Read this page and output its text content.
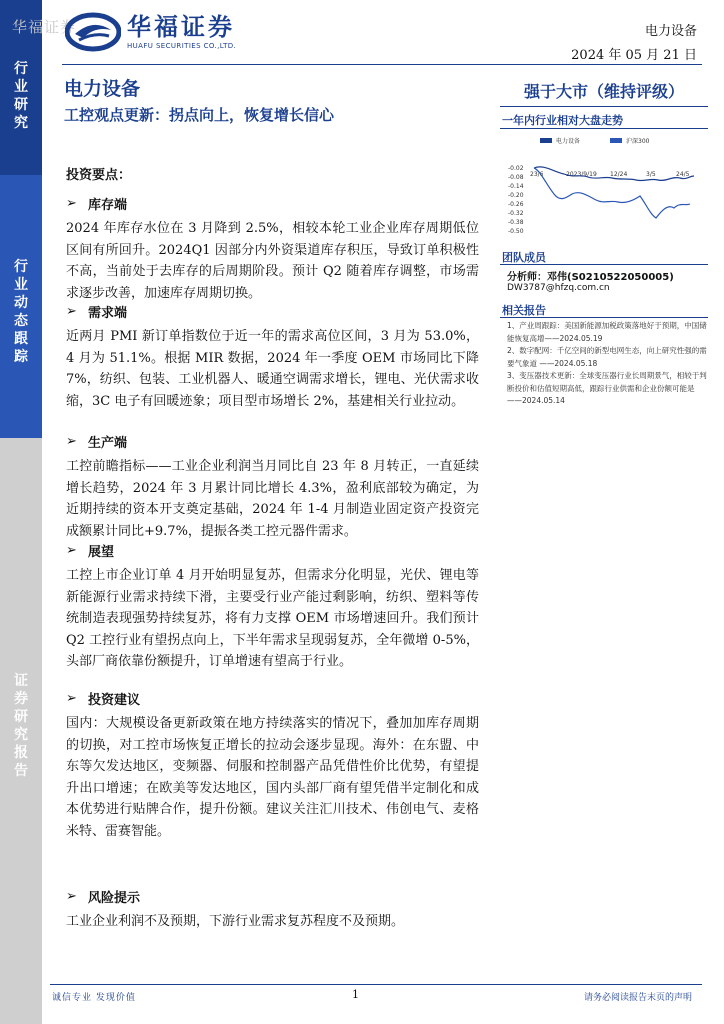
行
业
研
究
行
业
动
态
跟
踪
证
券
研
究
报
告
华福证券 华福证券
HUAFU SECURITIES CO.,LTD.
电力设备
2024 年 05 月 21 日
电力设备
工控观点更新：拐点向上，恢复增长信心
强于大市（维持评级）
一年内行业相对大盘走势
电力设备	沪深300
-0.02
-0.08
-0.14
-0.20
-0.26
-0.32
-0.38
-0.50
23/6	2023/9/19 12/24	3/5	24/5
团队成员
分析师：邓伟(S0210522050005)
DW3787@hfzq.com.cn
相关报告

1、产业周跟踪：美国新能源加税政策落地好于预期，中国储能恢复高增——2024.05.19

2、数字配网：千亿空间的新型电网生态，向上研究性强的需要气象道 ——2024.05.18

3、变压器技术更新：全球变压器行业长周期景气，相较于判断投价和估值短期高低，跟踪行业供需和企业份额可能是——2024.05.14

投资要点：
➢ 库存端
2024 年库存水位在 3 月降到 2.5%，相较本轮工业企业库存周期低位区间有所回升。2024Q1 因部分内外资渠道库存积压，导致订单积极性不高，当前处于去库存的后周期阶段。预计 Q2 随着库存调整，市场需求逐步改善，加速库存周期切换。
➢ 需求端
近两月 PMI 新订单指数位于近一年的需求高位区间，3 月为 53.0%，4 月为 51.1%。根据 MIR 数据，2024 年一季度 OEM 市场同比下降 7%，纺织、包装、工业机器人、暖通空调需求增长，锂电、光伏需求收缩，3C 电子有回暖迹象；项目型市场增长 2%，基建相关行业拉动。
➢ 生产端
工控前瞻指标——工业企业利润当月同比自 23 年 8 月转正，一直延续增长趋势，2024 年 3 月累计同比增长 4.3%，盈利底部较为确定，为近期持续的资本开支奠定基础，2024 年 1-4 月制造业固定资产投资完成额累计同比+9.7%，提振各类工控元器件需求。
➢ 展望
工控上市企业订单 4 月开始明显复苏，但需求分化明显，光伏、锂电等新能源行业需求持续下滑，主要受行业产能过剩影响，纺织、塑料等传统制造表现强势持续复苏，将有力支撑 OEM 市场增速回升。我们预计 Q2 工控行业有望拐点向上，下半年需求呈现弱复苏，全年微增 0-5%，头部厂商依靠份额提升，订单增速有望高于行业。
➢ 投资建议
国内：大规模设备更新政策在地方持续落实的情况下，叠加加库存周期的切换，对工控市场恢复正增长的拉动会逐步显现。海外：在东盟、中东等欠发达地区，变频器、伺服和控制器产品凭借性价比优势，有望提升出口增速；在欧美等发达地区，国内头部厂商有望凭借半定制化和成本优势进行贴牌合作，提升份额。建议关注汇川技术、伟创电气、麦格米特、雷赛智能。
➢ 风险提示
工业企业利润不及预期，下游行业需求复苏程度不及预期。
诚信专业 发现价值	1	请务必阅读报告末页的声明
